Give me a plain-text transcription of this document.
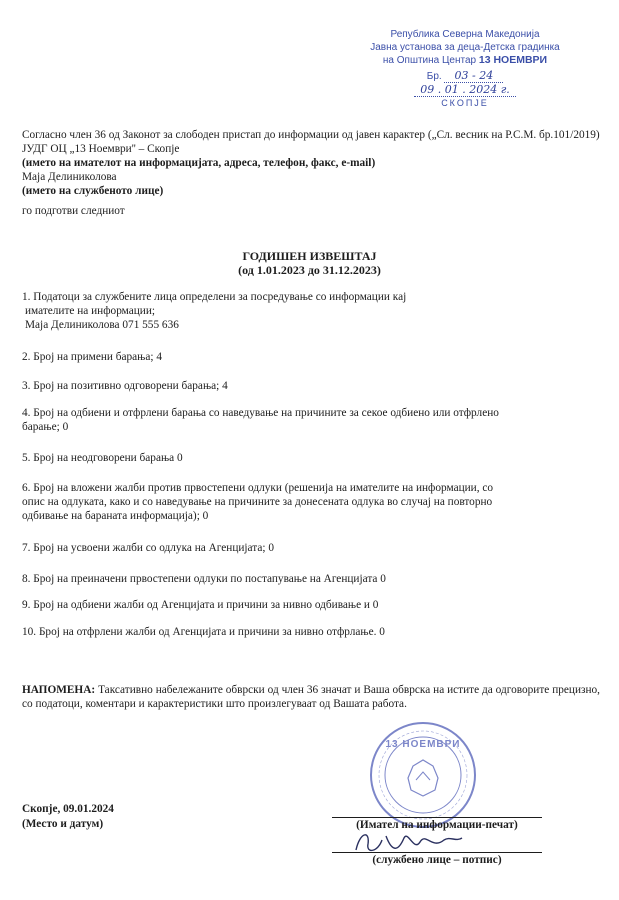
Република Северна Македонија
Јавна установа за деца-Детска градинка
на Општина Центар 13 НОЕМВРИ
Бр. 03 - 24
09 . 01 . 2024 г.
СКОПЈЕ
Согласно член 36 од Законот за слободен пристап до информации од јавен карактер („Сл. весник на Р.С.М. бр.101/2019)
ЈУДГ ОЦ „13 Ноември'' – Скопје
(името на имателот на информацијата, адреса, телефон, факс, e-mail)
Маја Делиниколова
(името на службеното лице)
го подготви следниот
ГОДИШЕН ИЗВЕШТАЈ
(од 1.01.2023 до 31.12.2023)
1. Податоци за службените лица определени за посредување со информации кај
имателите на информации;
Маја Делиниколова 071 555 636
2. Број на примени барања; 4
3. Број на позитивно одговорени барања; 4
4. Број на одбиени и отфрлени барања со наведување на причините за секое одбиено или отфрлено
барање; 0
5. Број на неодговорени барања 0
6. Број на вложени жалби против првостепени одлуки (решенија на имателите на информации, со
опис на одлуката, како и со наведување на причините за донесената одлука во случај на повторно
одбивање на бараната информација); 0
7. Број на усвоени жалби со одлука на Агенцијата; 0
8. Број на преиначени првостепени одлуки по постапување на Агенцијата 0
9. Број на одбиени жалби од Агенцијата и причини за нивно одбивање и 0
10. Број на отфрлени жалби од Агенцијата и причини за нивно отфрлање. 0
НАПОМЕНА: Таксативно набележаните обврски од член 36 значат и Ваша обврска на истите да одговорите прецизно, со податоци, коментари и карактеристики што произлегуваат од Вашата работа.
13 НОЕМВРИ
Скопје, 09.01.2024
(Место и датум)	(Имател на информации-печат)
(службено лице – потпис)
